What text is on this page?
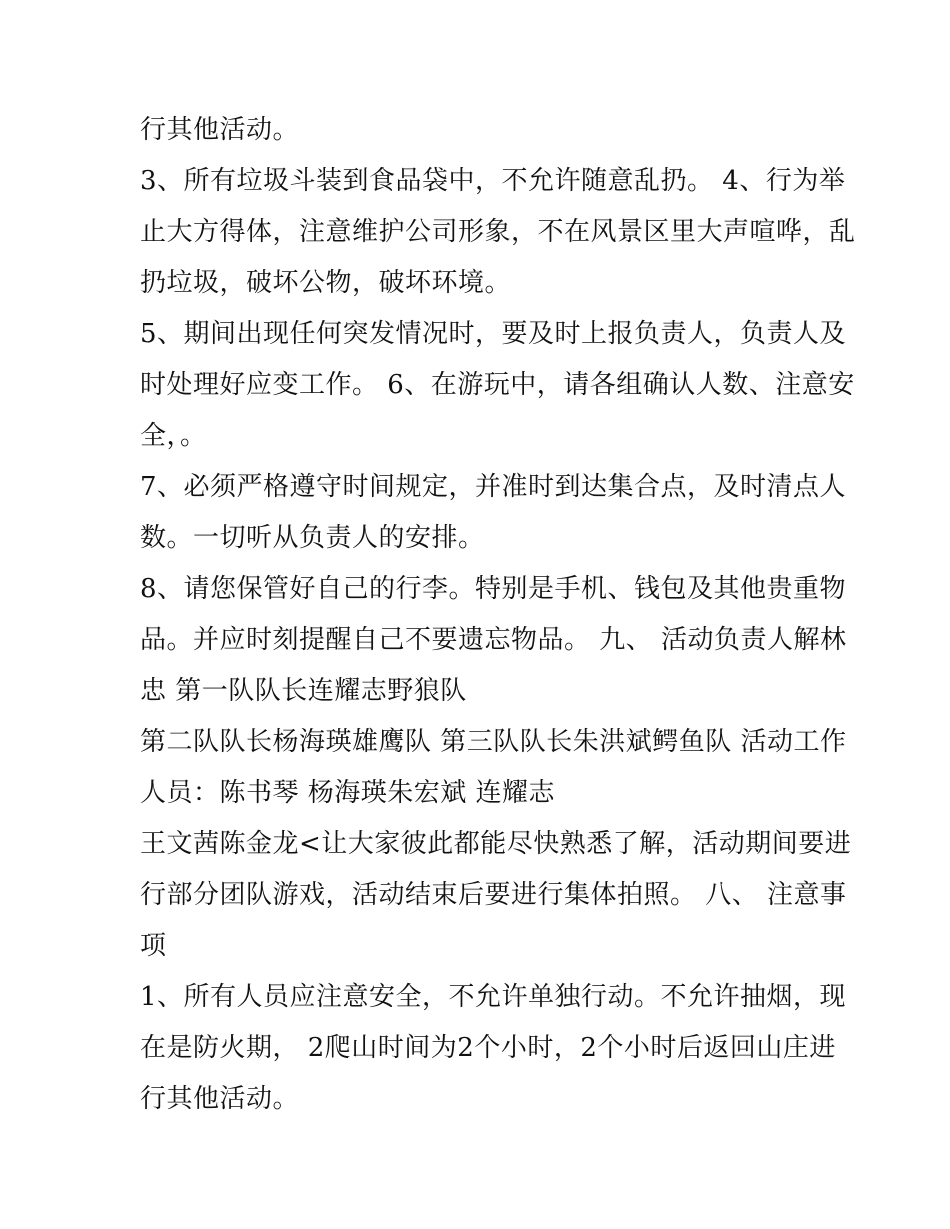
行其他活动。
3、所有垃圾斗装到食品袋中，不允许随意乱扔。 4、行为举
止大方得体，注意维护公司形象，不在风景区里大声喧哗，乱
扔垃圾，破坏公物，破坏环境。
5、期间出现任何突发情况时，要及时上报负责人，负责人及
时处理好应变工作。 6、在游玩中，请各组确认人数、注意安
全，。
7、必须严格遵守时间规定，并准时到达集合点，及时清点人
数。一切听从负责人的安排。
8、请您保管好自己的行李。特别是手机、钱包及其他贵重物
品。并应时刻提醒自己不要遗忘物品。 九、 活动负责人解林
忠 第一队队长连耀志野狼队
第二队队长杨海瑛雄鹰队 第三队队长朱洪斌鳄鱼队 活动工作
人员：陈书琴 杨海瑛朱宏斌 连耀志
王文茜陈金龙<让大家彼此都能尽快熟悉了解，活动期间要进
行部分团队游戏，活动结束后要进行集体拍照。 八、 注意事
项
1、所有人员应注意安全，不允许单独行动。不允许抽烟，现
在是防火期， 2爬山时间为2个小时，2个小时后返回山庄进
行其他活动。
